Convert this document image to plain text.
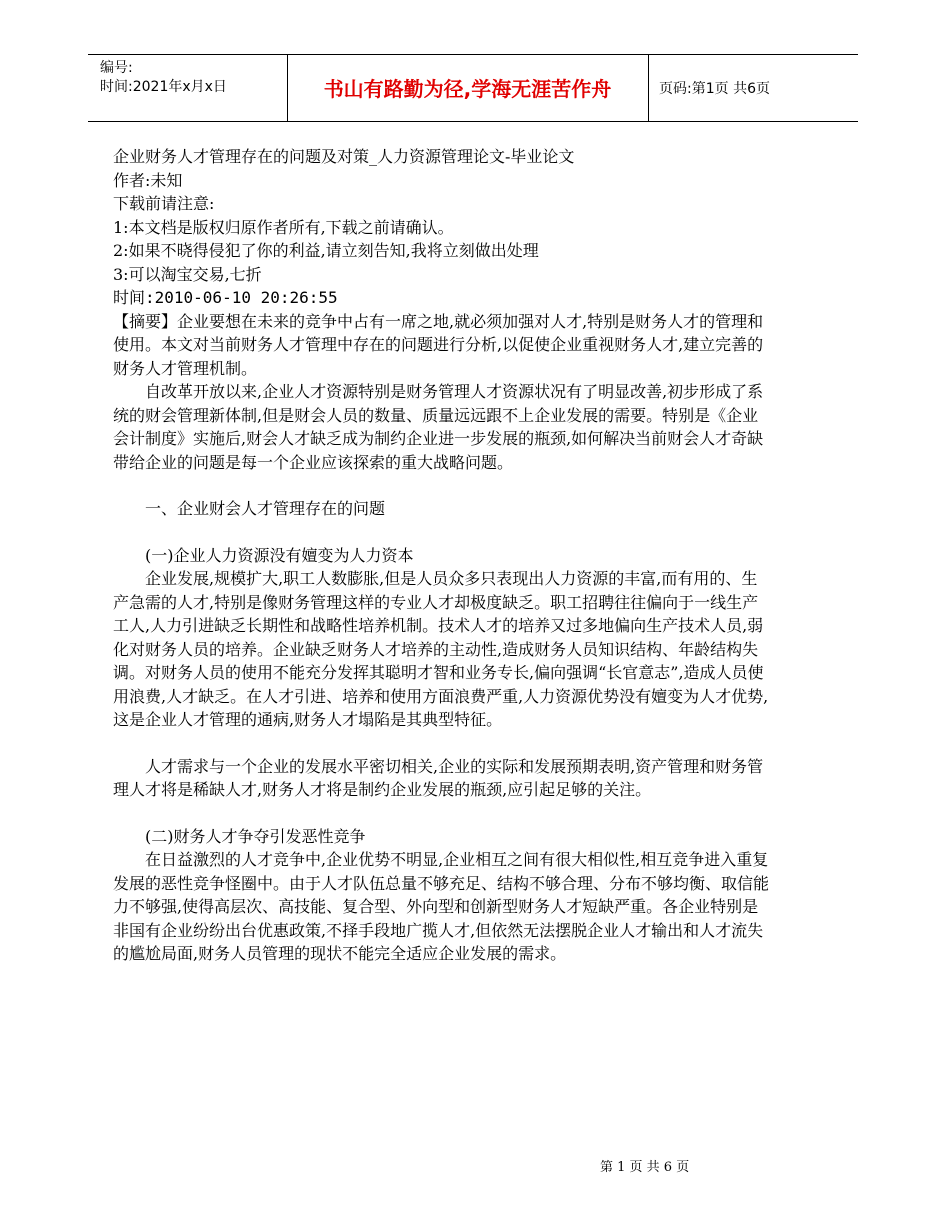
编号:
时间:2021年x月x日	书山有路勤为径,学海无涯苦作舟	页码:第1页 共6页

企业财务人才管理存在的问题及对策_人力资源管理论文-毕业论文

作者:未知

下载前请注意:

1:本文档是版权归原作者所有,下载之前请确认。

2:如果不晓得侵犯了你的利益,请立刻告知,我将立刻做出处理

3:可以淘宝交易,七折

时间:2010-06-10 20:26:55

【摘要】企业要想在未来的竞争中占有一席之地,就必须加强对人才,特别是财务人才的管理和使用。本文对当前财务人才管理中存在的问题进行分析,以促使企业重视财务人才,建立完善的财务人才管理机制。

自改革开放以来,企业人才资源特别是财务管理人才资源状况有了明显改善,初步形成了系统的财会管理新体制,但是财会人员的数量、质量远远跟不上企业发展的需要。特别是《企业会计制度》实施后,财会人才缺乏成为制约企业进一步发展的瓶颈,如何解决当前财会人才奇缺带给企业的问题是每一个企业应该探索的重大战略问题。

一、企业财会人才管理存在的问题

(一)企业人力资源没有嬗变为人力资本

企业发展,规模扩大,职工人数膨胀,但是人员众多只表现出人力资源的丰富,而有用的、生产急需的人才,特别是像财务管理这样的专业人才却极度缺乏。职工招聘往往偏向于一线生产工人,人力引进缺乏长期性和战略性培养机制。技术人才的培养又过多地偏向生产技术人员,弱化对财务人员的培养。企业缺乏财务人才培养的主动性,造成财务人员知识结构、年龄结构失调。对财务人员的使用不能充分发挥其聪明才智和业务专长,偏向强调“长官意志”,造成人员使用浪费,人才缺乏。在人才引进、培养和使用方面浪费严重,人力资源优势没有嬗变为人才优势,这是企业人才管理的通病,财务人才塌陷是其典型特征。

人才需求与一个企业的发展水平密切相关,企业的实际和发展预期表明,资产管理和财务管理人才将是稀缺人才,财务人才将是制约企业发展的瓶颈,应引起足够的关注。

(二)财务人才争夺引发恶性竞争

在日益激烈的人才竞争中,企业优势不明显,企业相互之间有很大相似性,相互竞争进入重复发展的恶性竞争怪圈中。由于人才队伍总量不够充足、结构不够合理、分布不够均衡、取信能力不够强,使得高层次、高技能、复合型、外向型和创新型财务人才短缺严重。各企业特别是非国有企业纷纷出台优惠政策,不择手段地广揽人才,但依然无法摆脱企业人才输出和人才流失的尴尬局面,财务人员管理的现状不能完全适应企业发展的需求。

第 1 页 共 6 页
